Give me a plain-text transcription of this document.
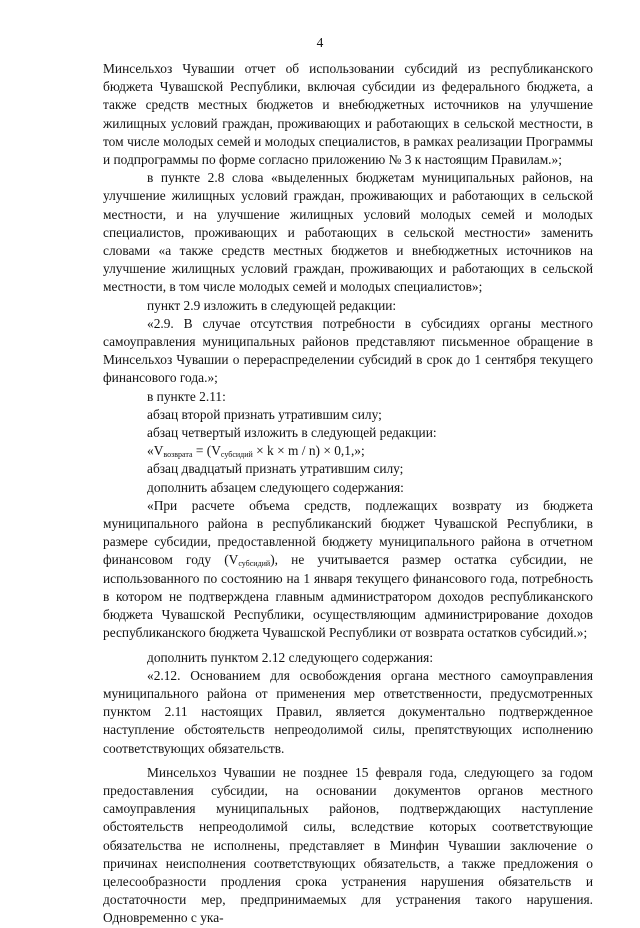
4

Минсельхоз Чувашии отчет об использовании субсидий из республиканского бюджета Чувашской Республики, включая субсидии из федерального бюджета, а также средств местных бюджетов и внебюджетных источников на улучшение жилищных условий граждан, проживающих и работающих в сельской местности, в том числе молодых семей и молодых специалистов, в рамках реализации Программы и подпрограммы по форме согласно приложению № 3 к настоящим Правилам.»;

в пункте 2.8 слова «выделенных бюджетам муниципальных районов, на улучшение жилищных условий граждан, проживающих и работающих в сельской местности, и на улучшение жилищных условий молодых семей и молодых специалистов, проживающих и работающих в сельской местности» заменить словами «а также средств местных бюджетов и внебюджетных источников на улучшение жилищных условий граждан, проживающих и работающих в сельской местности, в том числе молодых семей и молодых специалистов»;

пункт 2.9 изложить в следующей редакции:

«2.9. В случае отсутствия потребности в субсидиях органы местного самоуправления муниципальных районов представляют письменное обращение в Минсельхоз Чувашии о перераспределении субсидий в срок до 1 сентября текущего финансового года.»;

в пункте 2.11:

абзац второй признать утратившим силу;

абзац четвертый изложить в следующей редакции:

«$V_{возврата} = (V_{субсидий} \times k \times m / n) \times 0,1$,»;

абзац двадцатый признать утратившим силу;

дополнить абзацем следующего содержания:

«При расчете объема средств, подлежащих возврату из бюджета муниципального района в республиканский бюджет Чувашской Республики, в размере субсидии, предоставленной бюджету муниципального района в отчетном финансовом году $(V_{субсидий})$, не учитывается размер остатка субсидии, не использованного по состоянию на 1 января текущего финансового года, потребность в котором не подтверждена главным администратором доходов республиканского бюджета Чувашской Республики, осуществляющим администрирование доходов республиканского бюджета Чувашской Республики от возврата остатков субсидий.»;

дополнить пунктом 2.12 следующего содержания:

«2.12. Основанием для освобождения органа местного самоуправления муниципального района от применения мер ответственности, предусмотренных пунктом 2.11 настоящих Правил, является документально подтвержденное наступление обстоятельств непреодолимой силы, препятствующих исполнению соответствующих обязательств.

Минсельхоз Чувашии не позднее 15 февраля года, следующего за годом предоставления субсидии, на основании документов органов местного самоуправления муниципальных районов, подтверждающих наступление обстоятельств непреодолимой силы, вследствие которых соответствующие обязательства не исполнены, представляет в Минфин Чувашии заключение о причинах неисполнения соответствующих обязательств, а также предложения о целесообразности продления срока устранения нарушения обязательств и достаточности мер, предпринимаемых для устранения такого нарушения. Одновременно с ука-
